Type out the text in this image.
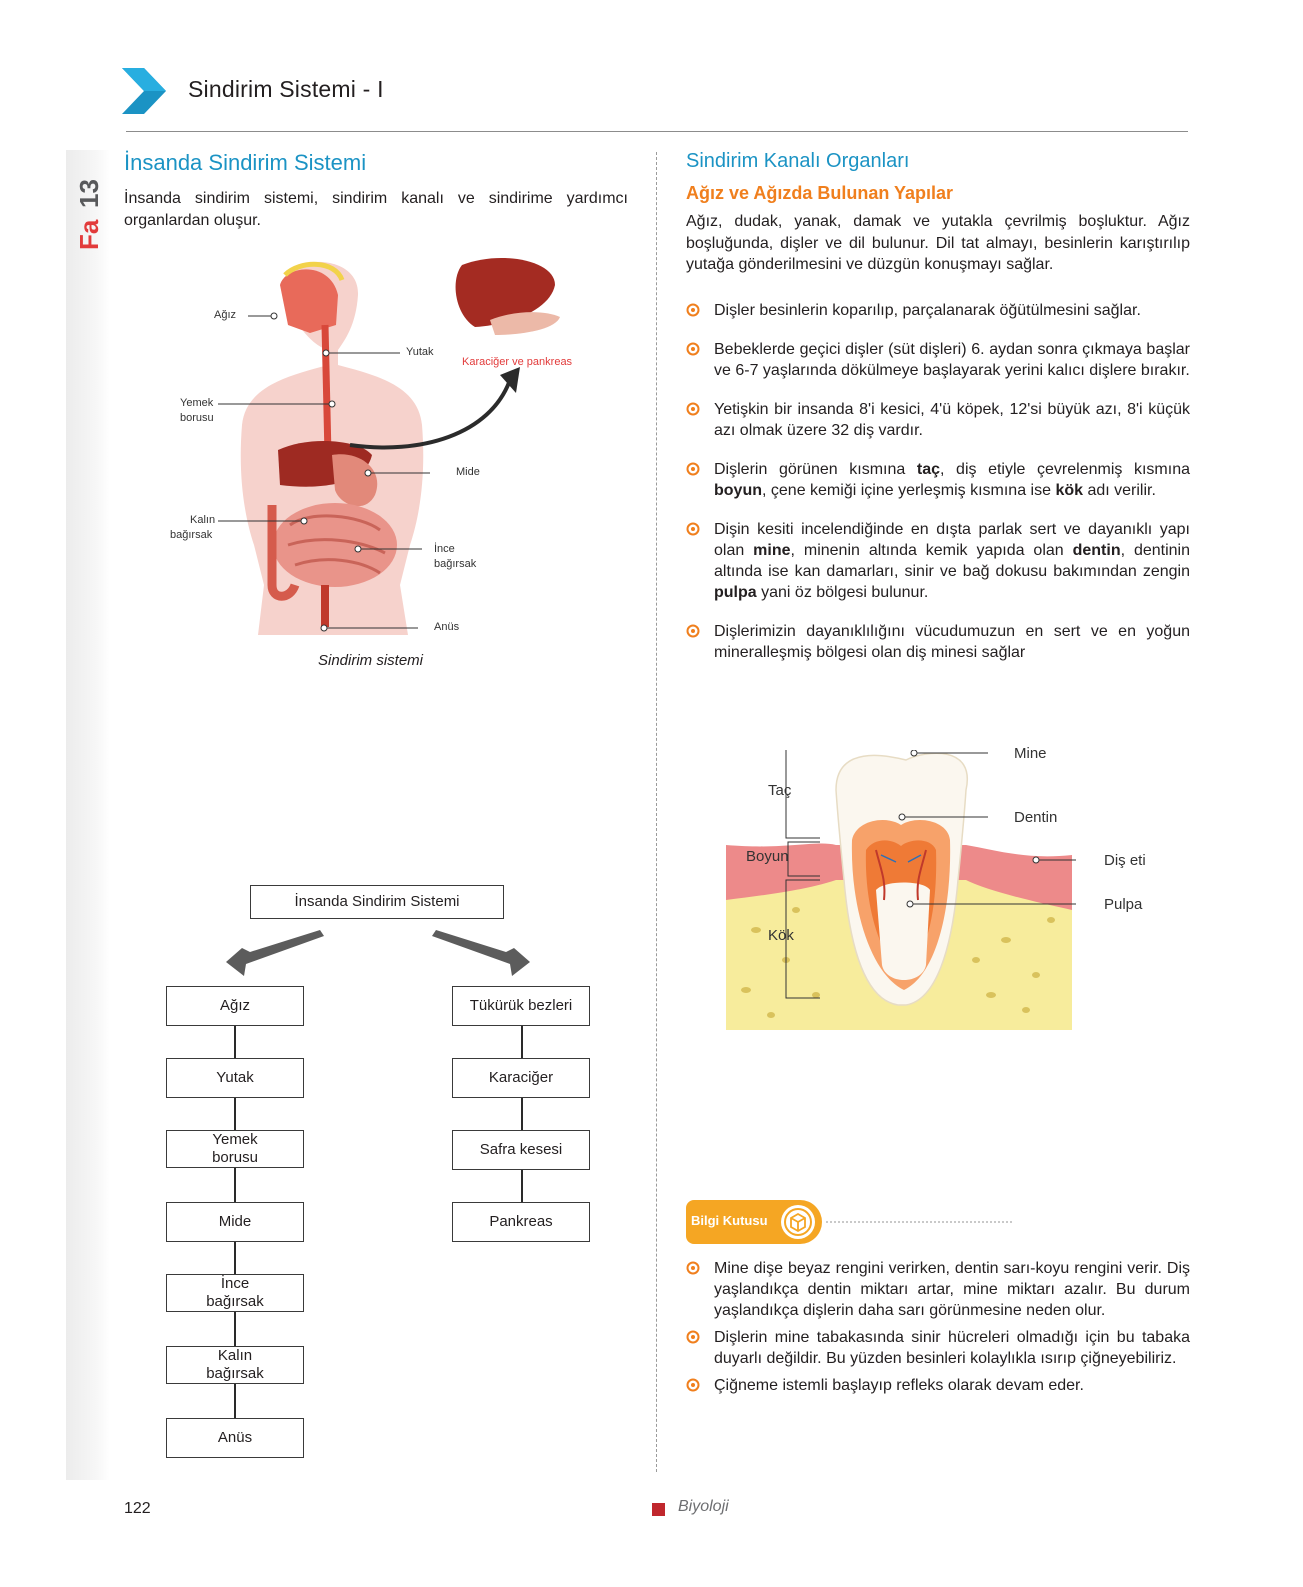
Sindirim Sistemi - I
Fa
13
İnsanda Sindirim Sistemi
İnsanda sindirim sistemi, sindirim kanalı ve sindirime yardımcı organlardan oluşur.
Ağız
Yutak
Yemek
borusu
Mide
Kalın
bağırsak
İnce
bağırsak
Anüs
Karaciğer ve pankreas
Sindirim sistemi
İnsanda Sindirim Sistemi
Ağız
Yutak
Yemek borusu
Mide
İnce bağırsak
Kalın bağırsak
Anüs
Tükürük bezleri
Karaciğer
Safra kesesi
Pankreas
Sindirim Kanalı Organları
Ağız ve Ağızda Bulunan Yapılar
Ağız, dudak, yanak, damak ve yutakla çevrilmiş boşluktur. Ağız boşluğunda, dişler ve dil bulunur. Dil tat almayı, besinlerin karıştırılıp yutağa gönderilmesini ve düzgün konuşmayı sağlar.
Dişler besinlerin koparılıp, parçalanarak öğütülmesini sağlar.
Bebeklerde geçici dişler (süt dişleri) 6. aydan sonra çıkmaya başlar ve 6-7 yaşlarında dökülmeye başlayarak yerini kalıcı dişlere bırakır.
Yetişkin bir insanda 8'i kesici, 4'ü köpek, 12'si büyük azı, 8'i küçük azı olmak üzere 32 diş vardır.
Dişlerin görünen kısmına taç, diş etiyle çevrelenmiş kısmına boyun, çene kemiği içine yerleşmiş kısmına ise kök adı verilir.
Dişin kesiti incelendiğinde en dışta parlak sert ve dayanıklı yapı olan mine, minenin altında kemik yapıda olan dentin, dentinin altında ise kan damarları, sinir ve bağ dokusu bakımından zengin pulpa yani öz bölgesi bulunur.
Dişlerimizin dayanıklılığını vücudumuzun en sert ve en yoğun mineralleşmiş bölgesi olan diş minesi sağlar
Mine
Dentin
Diş eti
Pulpa
Taç
Boyun
Kök
Bilgi Kutusu
Mine dişe beyaz rengini verirken, dentin sarı-koyu rengini verir. Diş yaşlandıkça dentin miktarı artar, mine miktarı azalır. Bu durum yaşlandıkça dişlerin daha sarı görünmesine neden olur.
Dişlerin mine tabakasında sinir hücreleri olmadığı için bu tabaka duyarlı değildir. Bu yüzden besinleri kolaylıkla ısırıp çiğneyebiliriz.
Çiğneme istemli başlayıp refleks olarak devam eder.
122	Biyoloji
